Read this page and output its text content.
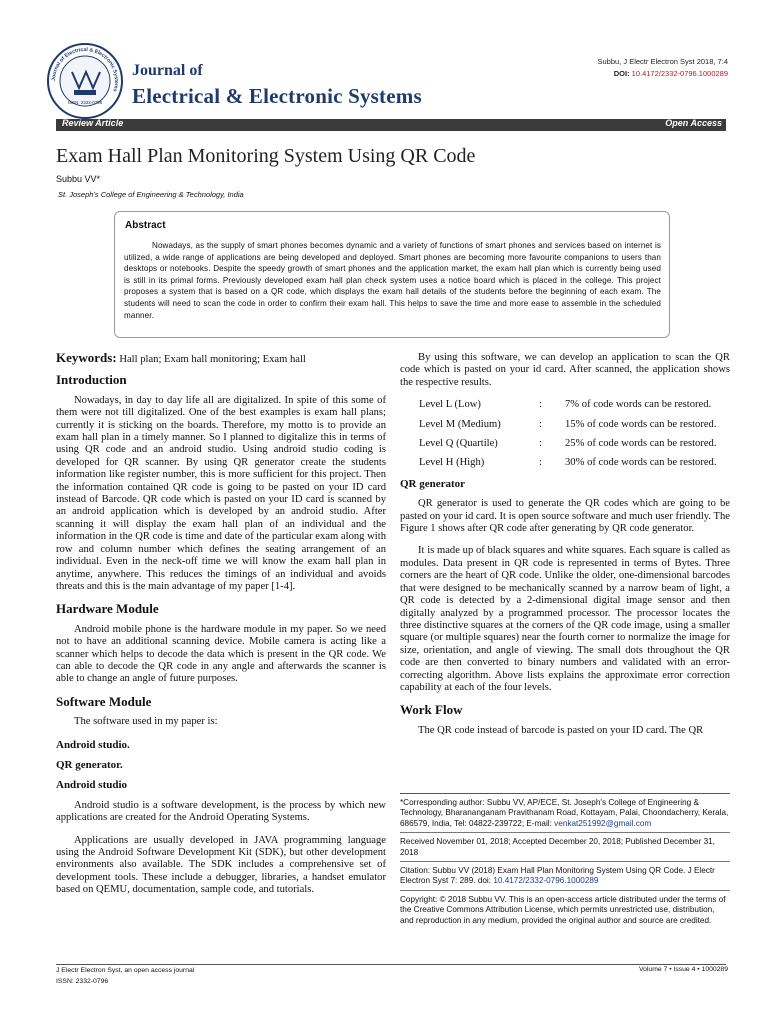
Journal of Electrical & Electronic Systems
ISSN: 2332-0796
Journal of
Electrical & Electronic Systems
Subbu, J Electr Electron Syst 2018, 7:4
DOI: 10.4172/2332-0796.1000289
Review Article	Open Access
Exam Hall Plan Monitoring System Using QR Code
Subbu VV*
St. Joseph's College of Engineering & Technology, India
Abstract
Nowadays, as the supply of smart phones becomes dynamic and a variety of functions of smart phones and services based on internet is utilized, a wide range of applications are being developed and deployed. Smart phones are becoming more favourite companions to users than desktops or notebooks. Despite the speedy growth of smart phones and the application market, the exam hall plan which is currently being used is still in its primal forms. Previously developed exam hall plan check system uses a notice board which is placed in the college. This project proposes a system that is based on a QR code, which displays the exam hall details of the students before the beginning of each exam. The students will need to scan the code in order to confirm their exam hall. This helps to save the time and more ease to assemble in the scheduled manner.
Keywords: Hall plan; Exam hall monitoring; Exam hall
Introduction

Nowadays, in day to day life all are digitalized. In spite of this some of them were not till digitalized. One of the best examples is exam hall plans; currently it is sticking on the boards. Therefore, my motto is to provide an exam hall plan in a timely manner. So I planned to digitalize this in terms of using QR code and an android studio. Using android studio coding is developed for QR scanner. By using QR generator create the students information like register number, this is more sufficient for this project. Then the information contained QR code is going to be pasted on your ID card instead of Barcode. QR code which is pasted on your ID card is scanned by an android application which is developed by an android studio. After scanning it will display the exam hall plan of an individual and the information in the QR code is time and date of the particular exam along with row and column number which defines the seating arrangement of an individual. Even in the neck-off time we will know the exam hall plan in anytime, anywhere. This reduces the timings of an individual and avoids threats and this is the main advantage of my paper [1-4].

Hardware Module

Android mobile phone is the hardware module in my paper. So we need not to have an additional scanning device. Mobile camera is acting like a scanner which helps to decode the data which is present in the QR code. We can able to decode the QR code in any angle and afterwards the scanner is able to change an angle of future purposes.

Software Module

The software used in my paper is:

Android studio.
QR generator.
Android studio

Android studio is a software development, is the process by which new applications are created for the Android Operating Systems.

Applications are usually developed in JAVA programming language using the Android Software Development Kit (SDK), but other development environments also available. The SDK includes a comprehensive set of development tools. These include a debugger, libraries, a handset emulator based on QEMU, documentation, sample code, and tutorials.

By using this software, we can develop an application to scan the QR code which is pasted on your id card. After scanned, the application shows the respective results.

Level L (Low)	:	7% of code words can be restored.
Level M (Medium)	:	15% of code words can be restored.
Level Q (Quartile)	:	25% of code words can be restored.
Level H (High)	:	30% of code words can be restored.
QR generator

QR generator is used to generate the QR codes which are going to be pasted on your id card. It is open source software and much user friendly. The Figure 1 shows after QR code after generating by QR code generator.

It is made up of black squares and white squares. Each square is called as modules. Data present in QR code is represented in terms of Bytes. Three corners are the heart of QR code. Unlike the older, one-dimensional barcodes that were designed to be mechanically scanned by a narrow beam of light, a QR code is detected by a 2-dimensional digital image sensor and then digitally analyzed by a programmed processor. The processor locates the three distinctive squares at the corners of the QR code image, using a smaller square (or multiple squares) near the fourth corner to normalize the image for size, orientation, and angle of viewing. The small dots throughout the QR code are then converted to binary numbers and validated with an error-correcting algorithm. Above lists explains the approximate error correction capability at each of the four levels.

Work Flow

The QR code instead of barcode is pasted on your ID card. The QR

*Corresponding author: Subbu VV, AP/ECE, St. Joseph's College of Engineering & Technology, Bharananganam Pravithanam Road, Kottayam, Palai, Choondacherry, Kerala, 686579, India, Tel: 04822-239722; E-mail: venkat251992@gmail.com
Received November 01, 2018; Accepted December 20, 2018; Published December 31, 2018
Citation: Subbu VV (2018) Exam Hall Plan Monitoring System Using QR Code. J Electr Electron Syst 7: 289. doi: 10.4172/2332-0796.1000289
Copyright: © 2018 Subbu VV. This is an open-access article distributed under the terms of the Creative Commons Attribution License, which permits unrestricted use, distribution, and reproduction in any medium, provided the original author and source are credited.
J Electr Electron Syst, an open access journal
ISSN: 2332-0796
Volume 7 • Issue 4 • 1000289
